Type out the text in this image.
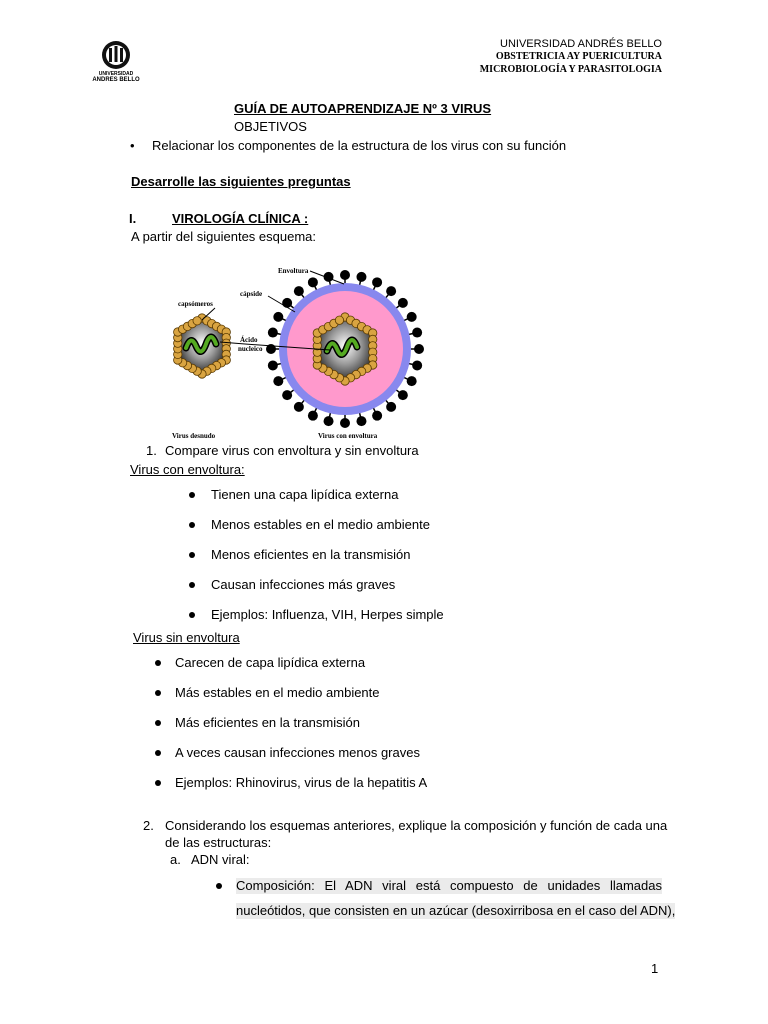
UNIVERSIDAD
ANDRES BELLO
UNIVERSIDAD ANDRÉS BELLO
OBSTETRICIA AY PUERICULTURA
MICROBIOLOGÍA Y PARASITOLOGIA
GUÍA DE AUTOAPRENDIZAJE Nº 3 VIRUS
OBJETIVOS
• Relacionar los componentes de la estructura de los virus con su función
Desarrolle las siguientes preguntas
I.	VIROLOGÍA CLÍNICA :
A partir del siguientes esquema:
capsómeros
Envoltura
cápside
Ácido
nucleico
Virus desnudo	Virus con envoltura
1. Compare virus con envoltura y sin envoltura
Virus con envoltura:
Tienen una capa lipídica externa
Menos estables en el medio ambiente
Menos eficientes en la transmisión
Causan infecciones más graves
Ejemplos: Influenza, VIH, Herpes simple
Virus sin envoltura
Carecen de capa lipídica externa
Más estables en el medio ambiente
Más eficientes en la transmisión
A veces causan infecciones menos graves
Ejemplos: Rhinovirus, virus de la hepatitis A
2. Considerando los esquemas anteriores, explique la composición y función de cada una
de las estructuras:
a. ADN viral:
Composición: El ADN viral está compuesto de unidades llamadas
nucleótidos, que consisten en un azúcar (desoxirribosa en el caso del ADN),
1
